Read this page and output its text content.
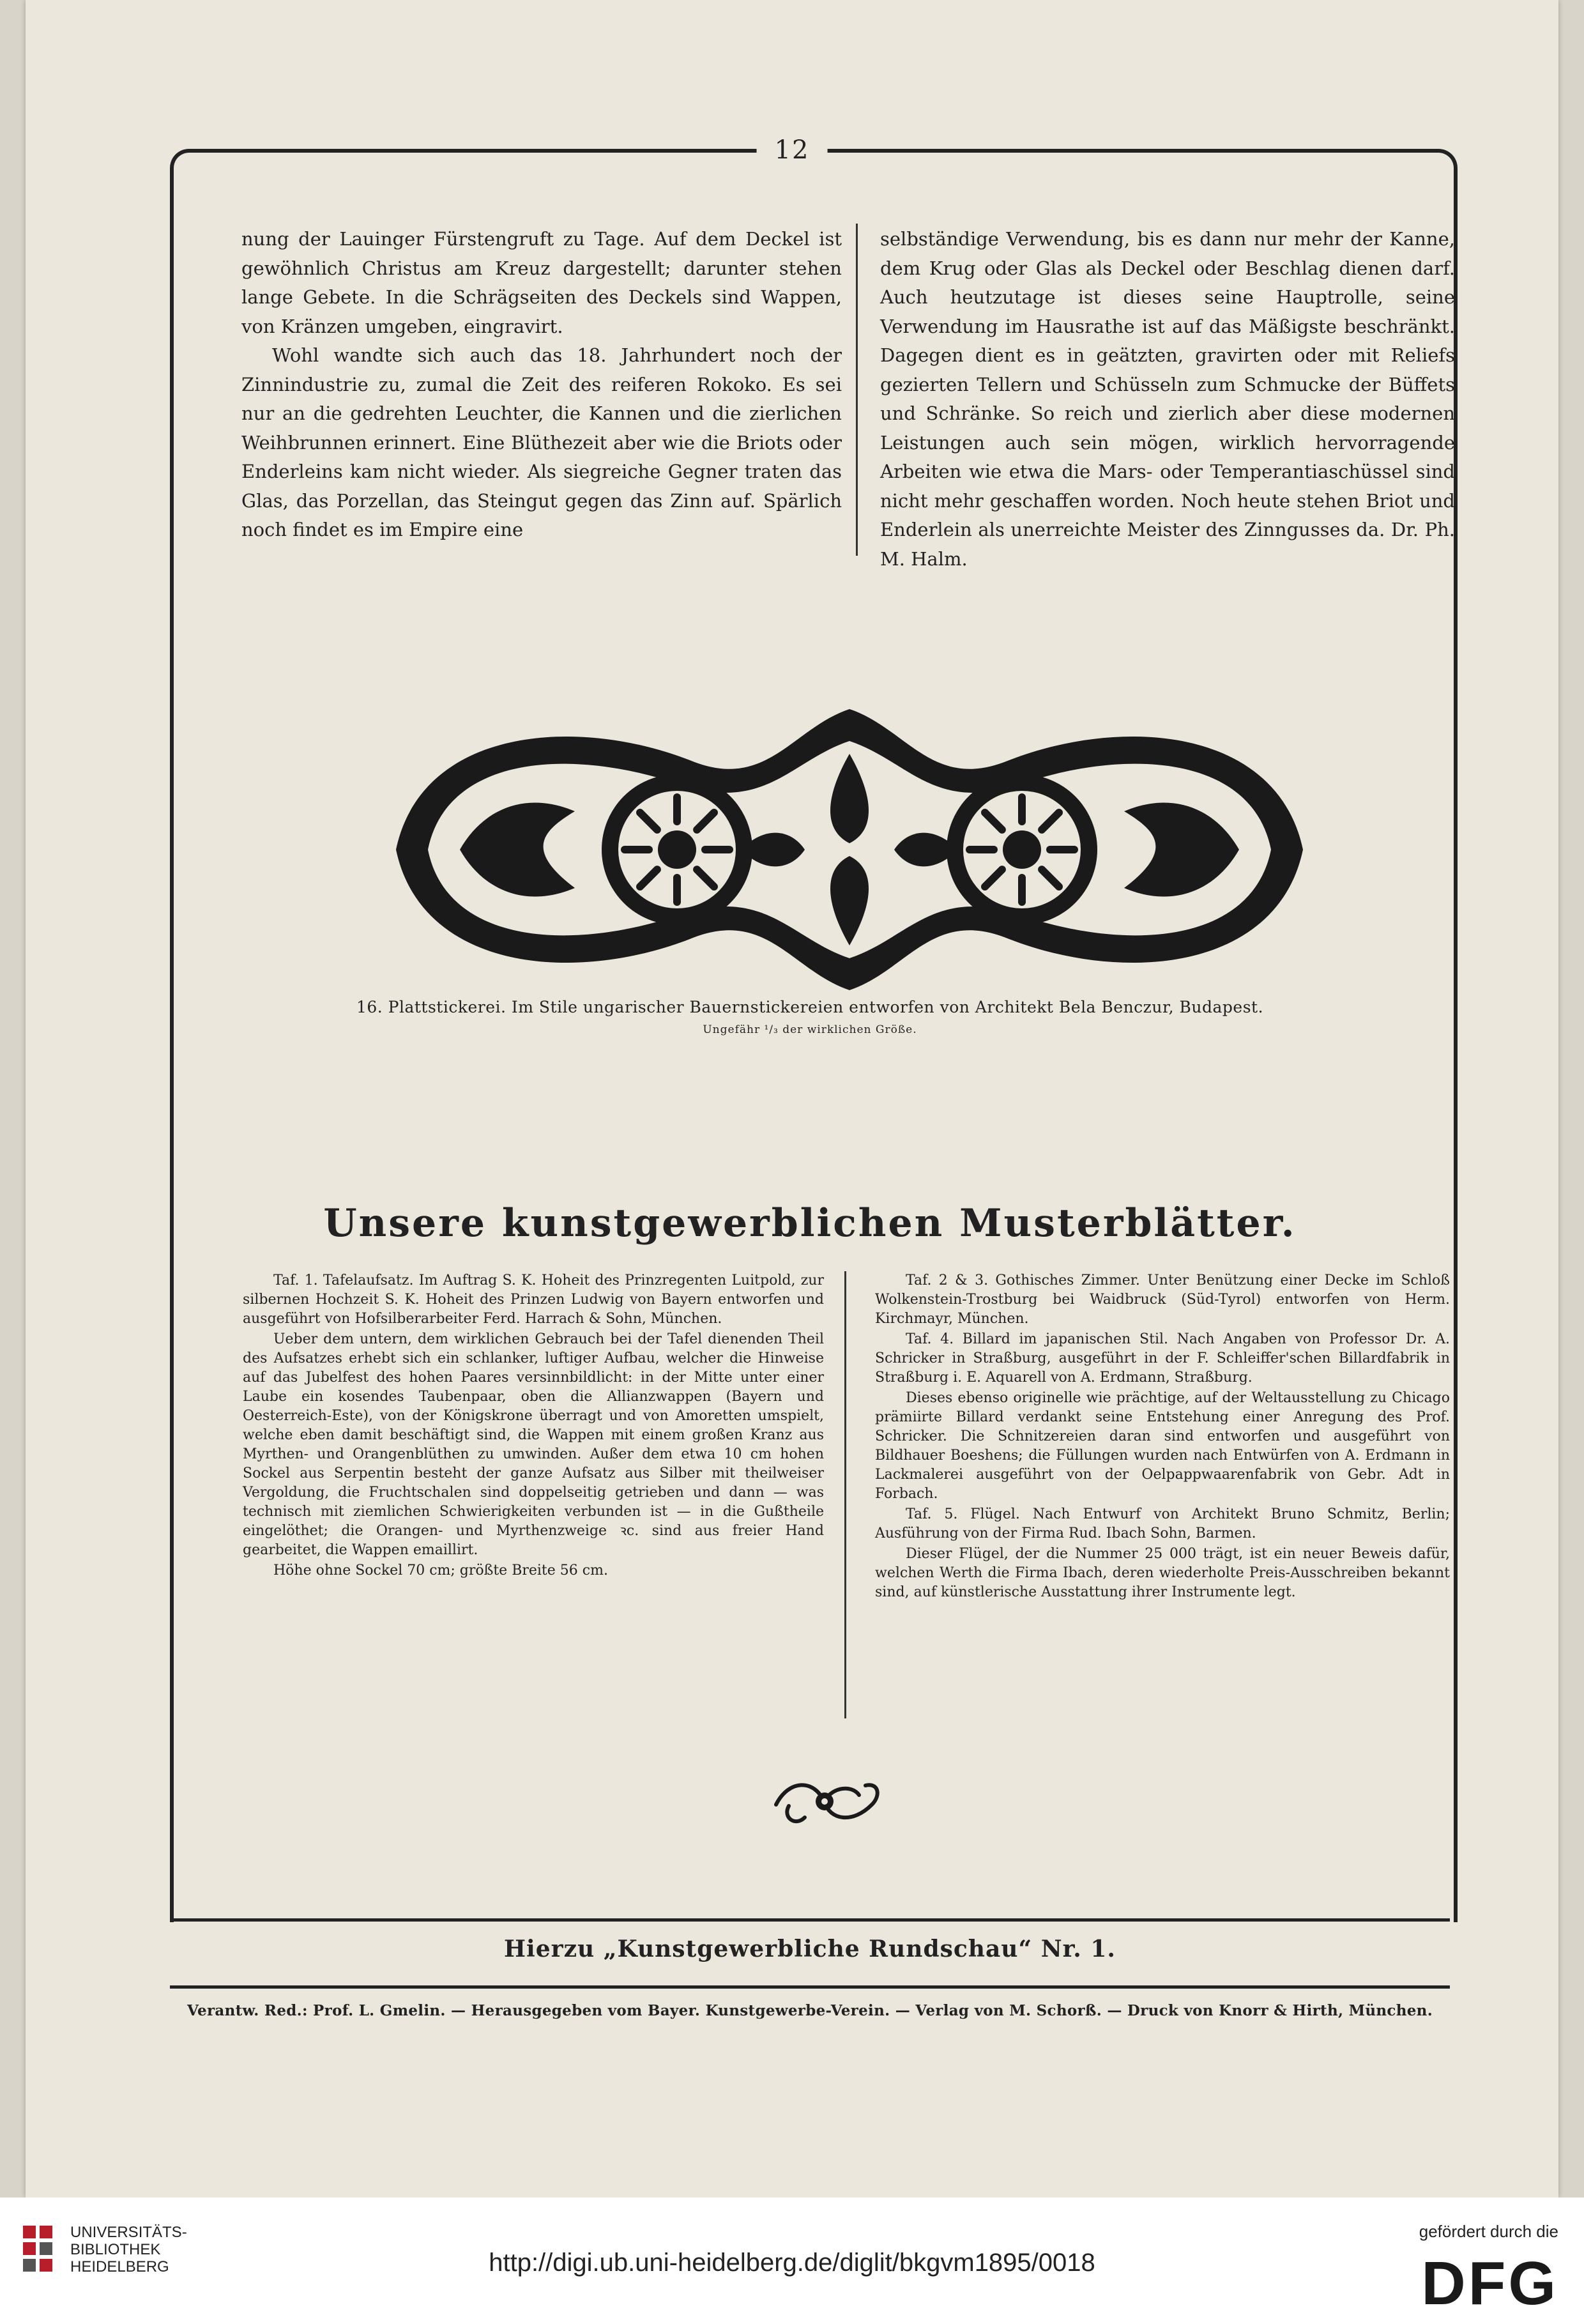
12

nung der Lauinger Fürstengruft zu Tage. Auf dem Deckel ist gewöhnlich Christus am Kreuz dargestellt; darunter stehen lange Gebete. In die Schrägseiten des Deckels sind Wappen, von Kränzen umgeben, eingravirt.

Wohl wandte sich auch das 18. Jahrhundert noch der Zinnindustrie zu, zumal die Zeit des reiferen Rokoko. Es sei nur an die gedrehten Leuchter, die Kannen und die zierlichen Weihbrunnen erinnert. Eine Blüthezeit aber wie die Briots oder Enderleins kam nicht wieder. Als siegreiche Gegner traten das Glas, das Porzellan, das Steingut gegen das Zinn auf. Spärlich noch findet es im Empire eine

selbständige Verwendung, bis es dann nur mehr der Kanne, dem Krug oder Glas als Deckel oder Beschlag dienen darf. Auch heutzutage ist dieses seine Hauptrolle, seine Verwendung im Hausrathe ist auf das Mäßigste beschränkt. Dagegen dient es in geätzten, gravirten oder mit Reliefs gezierten Tellern und Schüsseln zum Schmucke der Büffets und Schränke. So reich und zierlich aber diese modernen Leistungen auch sein mögen, wirklich hervorragende Arbeiten wie etwa die Mars- oder Temperantiaschüssel sind nicht mehr geschaffen worden. Noch heute stehen Briot und Enderlein als unerreichte Meister des Zinngusses da. Dr. Ph. M. Halm.

16. Plattstickerei. Im Stile ungarischer Bauernstickereien entworfen von Architekt Bela Benczur, Budapest.
Ungefähr ¹/₃ der wirklichen Größe.
Unsere kunstgewerblichen Musterblätter.

Taf. 1. Tafelaufsatz. Im Auftrag S. K. Hoheit des Prinzregenten Luitpold, zur silbernen Hochzeit S. K. Hoheit des Prinzen Ludwig von Bayern entworfen und ausgeführt von Hofsilberarbeiter Ferd. Harrach & Sohn, München.

Ueber dem untern, dem wirklichen Gebrauch bei der Tafel dienenden Theil des Aufsatzes erhebt sich ein schlanker, luftiger Aufbau, welcher die Hinweise auf das Jubelfest des hohen Paares versinnbildlicht: in der Mitte unter einer Laube ein kosendes Taubenpaar, oben die Allianzwappen (Bayern und Oesterreich-Este), von der Königskrone überragt und von Amoretten umspielt, welche eben damit beschäftigt sind, die Wappen mit einem großen Kranz aus Myrthen- und Orangenblüthen zu umwinden. Außer dem etwa 10 cm hohen Sockel aus Serpentin besteht der ganze Aufsatz aus Silber mit theilweiser Vergoldung, die Fruchtschalen sind doppelseitig getrieben und dann — was technisch mit ziemlichen Schwierigkeiten verbunden ist — in die Gußtheile eingelöthet; die Orangen- und Myrthenzweige ꝛc. sind aus freier Hand gearbeitet, die Wappen emaillirt.

Höhe ohne Sockel 70 cm; größte Breite 56 cm.

Taf. 2 & 3. Gothisches Zimmer. Unter Benützung einer Decke im Schloß Wolkenstein-Trostburg bei Waidbruck (Süd-Tyrol) entworfen von Herm. Kirchmayr, München.

Taf. 4. Billard im japanischen Stil. Nach Angaben von Professor Dr. A. Schricker in Straßburg, ausgeführt in der F. Schleiffer'schen Billardfabrik in Straßburg i. E. Aquarell von A. Erdmann, Straßburg.

Dieses ebenso originelle wie prächtige, auf der Weltausstellung zu Chicago prämiirte Billard verdankt seine Entstehung einer Anregung des Prof. Schricker. Die Schnitzereien daran sind entworfen und ausgeführt von Bildhauer Boeshens; die Füllungen wurden nach Entwürfen von A. Erdmann in Lackmalerei ausgeführt von der Oelpappwaarenfabrik von Gebr. Adt in Forbach.

Taf. 5. Flügel. Nach Entwurf von Architekt Bruno Schmitz, Berlin; Ausführung von der Firma Rud. Ibach Sohn, Barmen.

Dieser Flügel, der die Nummer 25 000 trägt, ist ein neuer Beweis dafür, welchen Werth die Firma Ibach, deren wiederholte Preis-Ausschreiben bekannt sind, auf künstlerische Ausstattung ihrer Instrumente legt.

Hierzu „Kunstgewerbliche Rundschau“ Nr. 1.
Verantw. Red.: Prof. L. Gmelin. — Herausgegeben vom Bayer. Kunstgewerbe-Verein. — Verlag von M. Schorß. — Druck von Knorr & Hirth, München.
UNIVERSITÄTS-
BIBLIOTHEK
HEIDELBERG	http://digi.ub.uni-heidelberg.de/diglit/bkgvm1895/0018
gefördert durch die
DFG
